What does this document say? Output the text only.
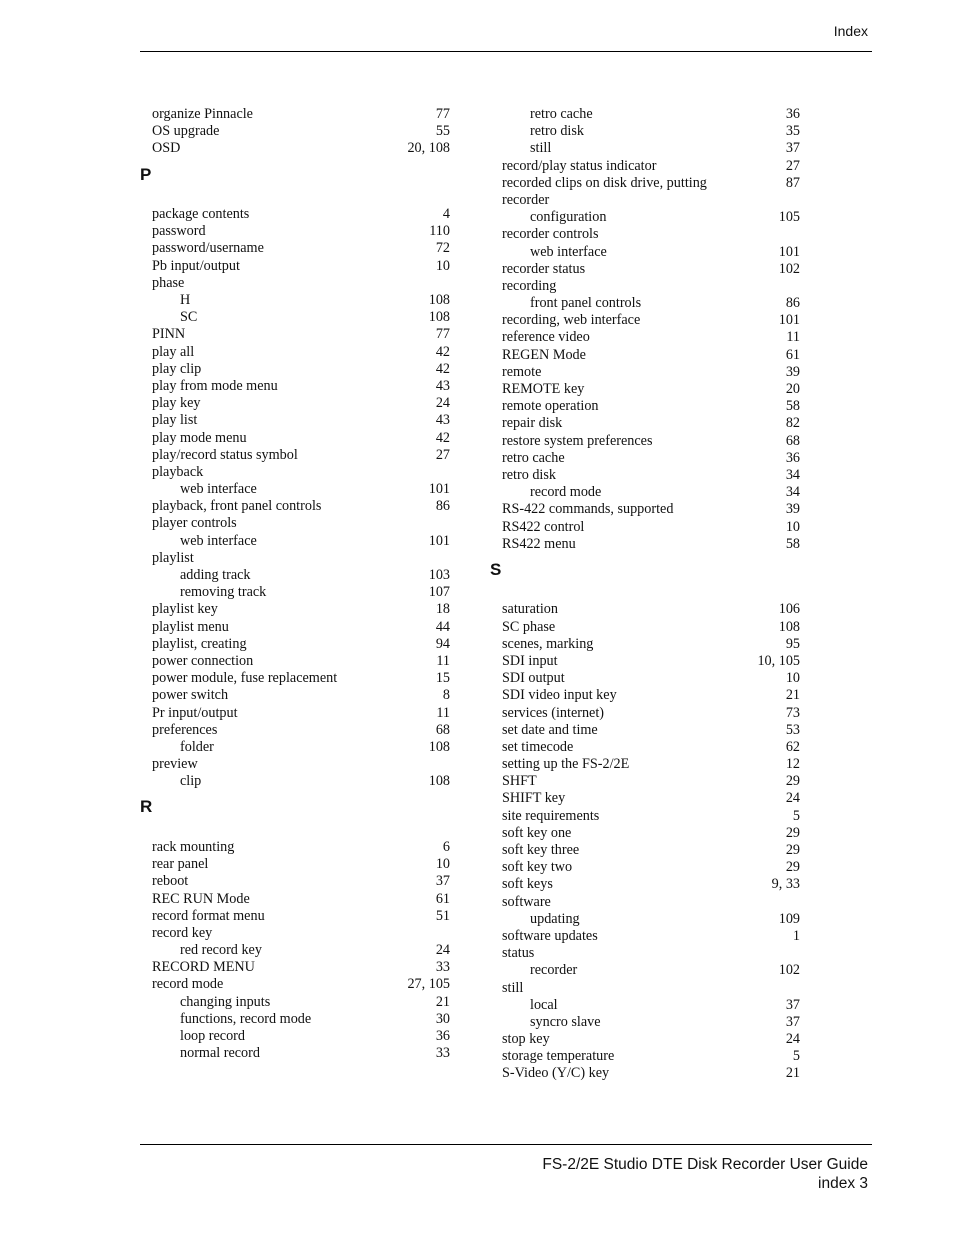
Index
organize Pinnacle	77
OS upgrade	55
OSD	20, 108
P
package contents	4
password	110
password/username	72
Pb input/output	10
phase
H	108
SC	108
PINN	77
play all	42
play clip	42
play from mode menu	43
play key	24
play list	43
play mode menu	42
play/record status symbol	27
playback
web interface	101
playback, front panel controls	86
player controls
web interface	101
playlist
adding track	103
removing track	107
playlist key	18
playlist menu	44
playlist, creating	94
power connection	11
power module, fuse replacement	15
power switch	8
Pr input/output	11
preferences	68
folder	108
preview
clip	108
R
rack mounting	6
rear panel	10
reboot	37
REC RUN Mode	61
record format menu	51
record key
red record key	24
RECORD MENU	33
record mode	27, 105
changing inputs	21
functions, record mode	30
loop record	36
normal record	33
retro cache	36
retro disk	35
still	37
record/play status indicator	27
recorded clips on disk drive, putting	87
recorder
configuration	105
recorder controls
web interface	101
recorder status	102
recording
front panel controls	86
recording, web interface	101
reference video	11
REGEN Mode	61
remote	39
REMOTE key	20
remote operation	58
repair disk	82
restore system preferences	68
retro cache	36
retro disk	34
record mode	34
RS-422 commands, supported	39
RS422 control	10
RS422 menu	58
S
saturation	106
SC phase	108
scenes, marking	95
SDI input	10, 105
SDI output	10
SDI video input key	21
services (internet)	73
set date and time	53
set timecode	62
setting up the FS-2/2E	12
SHFT	29
SHIFT key	24
site requirements	5
soft key one	29
soft key three	29
soft key two	29
soft keys	9, 33
software
updating	109
software updates	1
status
recorder	102
still
local	37
syncro slave	37
stop key	24
storage temperature	5
S-Video (Y/C) key	21
FS-2/2E Studio DTE Disk Recorder User Guide
index 3
